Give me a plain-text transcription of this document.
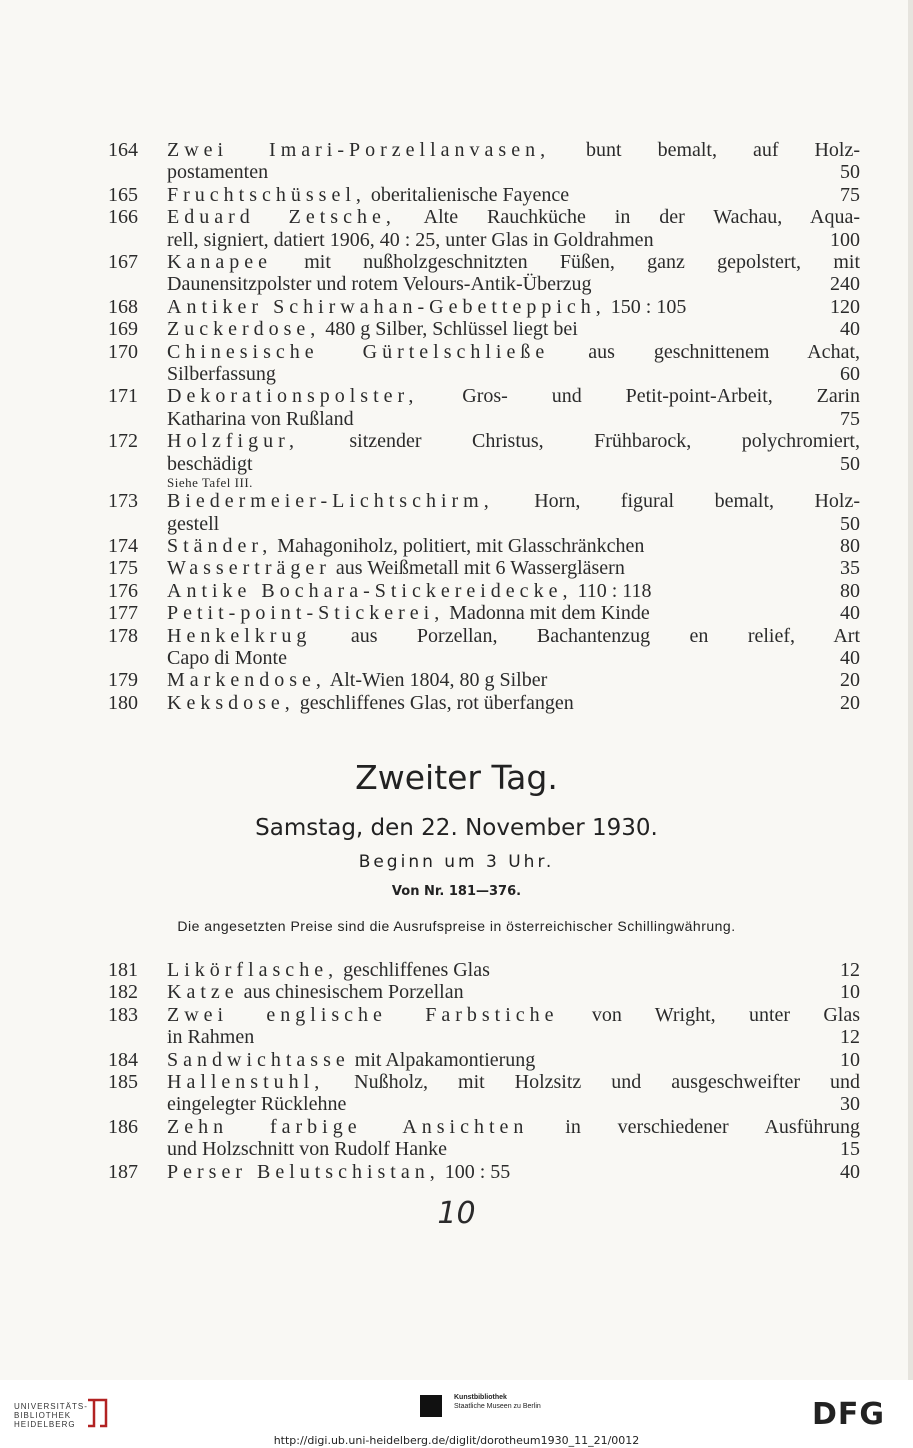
164	Zwei Imari-Porzellanvasen, bunt bemalt, auf Holz-
postamenten	50
165	Fruchtschüssel, oberitalienische Fayence	75
166	Eduard Zetsche, Alte Rauchküche in der Wachau, Aqua-
rell, signiert, datiert 1906, 40 : 25, unter Glas in Goldrahmen	100
167	Kanapee mit nußholzgeschnitzten Füßen, ganz gepolstert, mit
Daunensitzpolster und rotem Velours-Antik-Überzug	240
168	Antiker Schirwahan-Gebetteppich, 150 : 105	120
169	Zuckerdose, 480 g Silber, Schlüssel liegt bei	40
170	Chinesische Gürtelschließe aus geschnittenem Achat,
Silberfassung	60
171	Dekorationspolster, Gros- und Petit-point-Arbeit, Zarin
Katharina von Rußland	75
172	Holzfigur, sitzender Christus, Frühbarock, polychromiert,
beschädigt	50
Siehe Tafel III.
173	Biedermeier-Lichtschirm, Horn, figural bemalt, Holz-
gestell	50
174	Ständer, Mahagoniholz, politiert, mit Glasschränkchen	80
175	Wasserträger aus Weißmetall mit 6 Wassergläsern	35
176	Antike Bochara-Stickereidecke, 110 : 118	80
177	Petit-point-Stickerei, Madonna mit dem Kinde	40
178	Henkelkrug aus Porzellan, Bachantenzug en relief, Art
Capo di Monte	40
179	Markendose, Alt-Wien 1804, 80 g Silber	20
180	Keksdose, geschliffenes Glas, rot überfangen	20
Zweiter Tag.
Samstag, den 22. November 1930.
Beginn um 3 Uhr.
Von Nr. 181—376.
Die angesetzten Preise sind die Ausrufspreise in österreichischer Schillingwährung.
181	Likörflasche, geschliffenes Glas	12
182	Katze aus chinesischem Porzellan	10
183	Zwei englische Farbstiche von Wright, unter Glas
in Rahmen	12
184	Sandwichtasse mit Alpakamontierung	10
185	Hallenstuhl, Nußholz, mit Holzsitz und ausgeschweifter und
eingelegter Rücklehne	30
186	Zehn farbige Ansichten in verschiedener Ausführung
und Holzschnitt von Rudolf Hanke	15
187	Perser Belutschistan, 100 : 55	40
10
UNIVERSITÄTS-
BIBLIOTHEK
HEIDELBERG
Kunstbibliothek
Staatliche Museen zu Berlin	DFG
http://digi.ub.uni-heidelberg.de/diglit/dorotheum1930_11_21/0012
